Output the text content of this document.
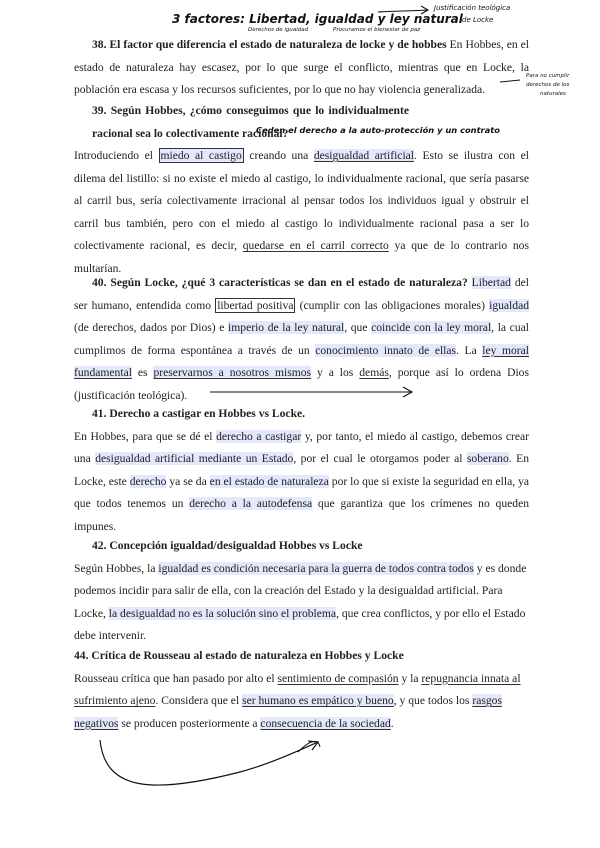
3 factores: Libertad, igualdad y ley natural
Derechos de igualdad	Procuramos el bienestar de paz
Justificación teológica
de Locke
Para no cumplir
derechos de los
naturales
Ceden el derecho a la auto-protección y un contrato

38. El factor que diferencia el estado de naturaleza de locke y de hobbes En Hobbes, en el estado de naturaleza hay escasez, por lo que surge el conflicto, mientras que en Locke, la población era escasa y los recursos suficientes, por lo que no hay violencia generalizada.

39. Según Hobbes, ¿cómo conseguimos que lo individualmente racional sea lo colectivamente racional?

Introduciendo el miedo al castigo creando una desigualdad artificial. Esto se ilustra con el dilema del listillo: si no existe el miedo al castigo, lo individualmente racional, que sería pasarse al carril bus, sería colectivamente irracional al pensar todos los individuos igual y obstruir el carril bus también, pero con el miedo al castigo lo individualmente racional pasa a ser lo colectivamente racional, es decir, quedarse en el carril correcto ya que de lo contrario nos multarían.

40. Según Locke, ¿qué 3 características se dan en el estado de naturaleza? Libertad del ser humano, entendida como libertad positiva (cumplir con las obligaciones morales) igualdad (de derechos, dados por Dios) e imperio de la ley natural, que coincide con la ley moral, la cual cumplimos de forma espontánea a través de un conocimiento innato de ellas. La ley moral fundamental es preservarnos a nosotros mismos y a los demás, porque así lo ordena Dios (justificación teológica).

41. Derecho a castigar en Hobbes vs Locke.

En Hobbes, para que se dé el derecho a castigar y, por tanto, el miedo al castigo, debemos crear una desigualdad artificial mediante un Estado, por el cual le otorgamos poder al soberano. En Locke, este derecho ya se da en el estado de naturaleza por lo que si existe la seguridad en ella, ya que todos tenemos un derecho a la autodefensa que garantiza que los crímenes no queden impunes.

42. Concepción igualdad/desigualdad Hobbes vs Locke

Según Hobbes, la igualdad es condición necesaria para la guerra de todos contra todos y es donde podemos incidir para salir de ella, con la creación del Estado y la desigualdad artificial. Para Locke, la desigualdad no es la solución sino el problema, que crea conflictos, y por ello el Estado debe intervenir.

44. Crítica de Rousseau al estado de naturaleza en Hobbes y Locke

Rousseau crítica que han pasado por alto el sentimiento de compasión y la repugnancia innata al sufrimiento ajeno. Considera que el ser humano es empático y bueno, y que todos los rasgos negativos se producen posteriormente a consecuencia de la sociedad.
